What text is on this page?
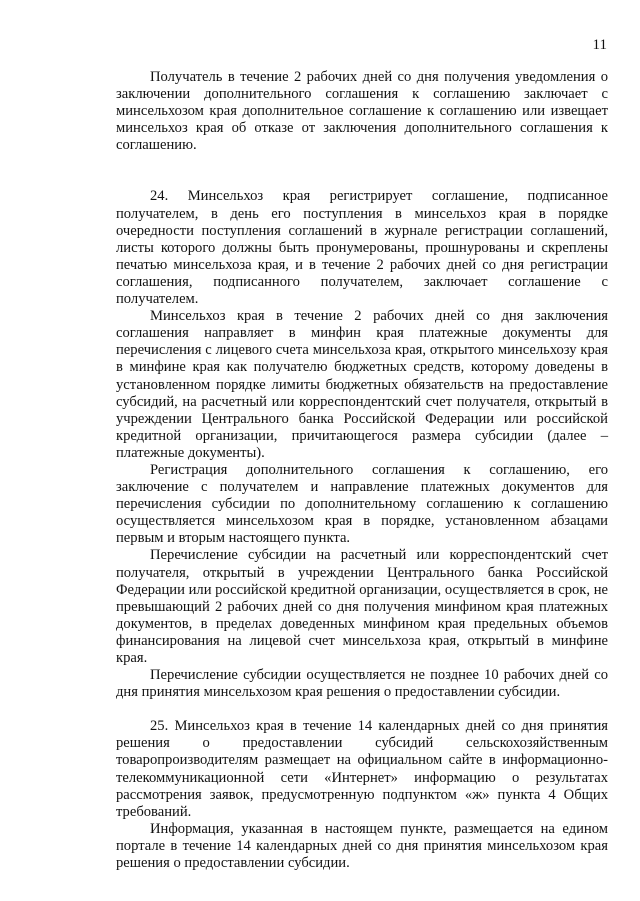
11

Получатель в течение 2 рабочих дней со дня получения уведомления о заключении дополнительного соглашения к соглашению заключает с минсельхозом края дополнительное соглашение к соглашению или извещает минсельхоз края об отказе от заключения дополнительного соглашения к соглашению.

24. Минсельхоз края регистрирует соглашение, подписанное получателем, в день его поступления в минсельхоз края в порядке очередности поступления соглашений в журнале регистрации соглашений, листы которого должны быть пронумерованы, прошнурованы и скреплены печатью минсельхоза края, и в течение 2 рабочих дней со дня регистрации соглашения, подписанного получателем, заключает соглашение с получателем.

Минсельхоз края в течение 2 рабочих дней со дня заключения соглашения направляет в минфин края платежные документы для перечисления с лицевого счета минсельхоза края, открытого минсельхозу края в минфине края как получателю бюджетных средств, которому доведены в установленном порядке лимиты бюджетных обязательств на предоставление субсидий, на расчетный или корреспондентский счет получателя, открытый в учреждении Центрального банка Российской Федерации или российской кредитной организации, причитающегося размера субсидии (далее – платежные документы).

Регистрация дополнительного соглашения к соглашению, его заключение с получателем и направление платежных документов для перечисления субсидии по дополнительному соглашению к соглашению осуществляется минсельхозом края в порядке, установленном абзацами первым и вторым настоящего пункта.

Перечисление субсидии на расчетный или корреспондентский счет получателя, открытый в учреждении Центрального банка Российской Федерации или российской кредитной организации, осуществляется в срок, не превышающий 2 рабочих дней со дня получения минфином края платежных документов, в пределах доведенных минфином края предельных объемов финансирования на лицевой счет минсельхоза края, открытый в минфине края.

Перечисление субсидии осуществляется не позднее 10 рабочих дней со дня принятия минсельхозом края решения о предоставлении субсидии.

25. Минсельхоз края в течение 14 календарных дней со дня принятия решения о предоставлении субсидий сельскохозяйственным товаропроизводителям размещает на официальном сайте в информационно-телекоммуникационной сети «Интернет» информацию о результатах рассмотрения заявок, предусмотренную подпунктом «ж» пункта 4 Общих требований.

Информация, указанная в настоящем пункте, размещается на едином портале в течение 14 календарных дней со дня принятия минсельхозом края решения о предоставлении субсидии.
